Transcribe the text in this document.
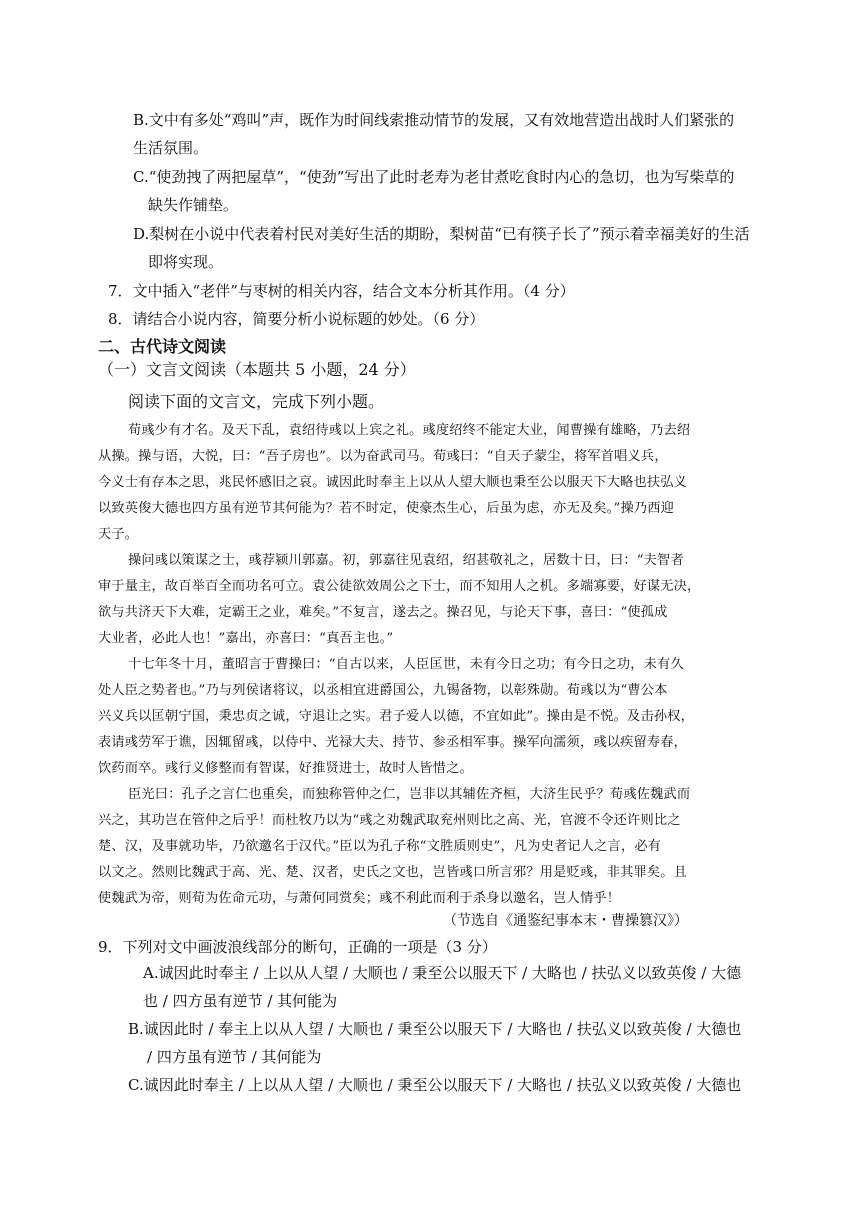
B.文中有多处“鸡叫”声，既作为时间线索推动情节的发展，又有效地营造出战时人们紧张的
生活氛围。
C.“使劲拽了两把屋草”，“使劲”写出了此时老寿为老甘煮吃食时内心的急切，也为写柴草的
缺失作铺垫。
D.梨树在小说中代表着村民对美好生活的期盼，梨树苗“已有筷子长了”预示着幸福美好的生活
即将实现。
7．文中插入“老伴”与枣树的相关内容，结合文本分析其作用。（4 分）
8．请结合小说内容，简要分析小说标题的妙处。（6 分）
二、古代诗文阅读
（一）文言文阅读（本题共 5 小题，24 分）
阅读下面的文言文，完成下列小题。
荀彧少有才名。及天下乱，袁绍待彧以上宾之礼。彧度绍终不能定大业，闻曹操有雄略，乃去绍
从操。操与语，大悦，曰：“吾子房也”。以为奋武司马。荀彧曰：“自天子蒙尘，将军首唱义兵，
今义士有存本之思，兆民怀感旧之哀。诚因此时奉主上以从人望大顺也秉至公以服天下大略也扶弘义
以致英俊大德也四方虽有逆节其何能为？若不时定，使豪杰生心，后虽为虑，亦无及矣。”操乃西迎
天子。
操问彧以策谋之士，彧荐颍川郭嘉。初，郭嘉往见袁绍，绍甚敬礼之，居数十日，曰：“夫智者
审于量主，故百举百全而功名可立。袁公徒欲效周公之下士，而不知用人之机。多端寡要，好谋无决，
欲与共济天下大难，定霸王之业，难矣。”不复言，遂去之。操召见，与论天下事，喜曰：“使孤成
大业者，必此人也！”嘉出，亦喜曰：“真吾主也。”
十七年冬十月，董昭言于曹操曰：“自古以来，人臣匡世，未有今日之功；有今日之功，未有久
处人臣之势者也。”乃与列侯诸将议，以丞相宜进爵国公，九锡备物，以彰殊勋。荀彧以为“曹公本
兴义兵以匡朝宁国，秉忠贞之诚，守退让之实。君子爱人以德，不宜如此”。操由是不悦。及击孙权，
表请彧劳军于谯，因辄留彧，以侍中、光禄大夫、持节、参丞相军事。操军向濡须，彧以疾留寿春，
饮药而卒。彧行义修整而有智谋，好推贤进士，故时人皆惜之。
臣光曰：孔子之言仁也重矣，而独称管仲之仁，岂非以其辅佐齐桓，大济生民乎？荀彧佐魏武而
兴之，其功岂在管仲之后乎！而杜牧乃以为“彧之劝魏武取兖州则比之高、光，官渡不令还许则比之
楚、汉，及事就功毕，乃欲邀名于汉代。”臣以为孔子称“文胜质则史”，凡为史者记人之言，必有
以文之。然则比魏武于高、光、楚、汉者，史氏之文也，岂皆彧口所言邪？用是贬彧，非其罪矣。且
使魏武为帝，则荀为佐命元功，与萧何同赏矣；彧不利此而利于杀身以邀名，岂人情乎！
（节选自《通鉴纪事本末・曹操篡汉》）
9．下列对文中画波浪线部分的断句，正确的一项是（3 分）
A.诚因此时奉主 / 上以从人望 / 大顺也 / 秉至公以服天下 / 大略也 / 扶弘义以致英俊 / 大德
也 / 四方虽有逆节 / 其何能为
B.诚因此时 / 奉主上以从人望 / 大顺也 / 秉至公以服天下 / 大略也 / 扶弘义以致英俊 / 大德也
/ 四方虽有逆节 / 其何能为
C.诚因此时奉主 / 上以从人望 / 大顺也 / 秉至公以服天下 / 大略也 / 扶弘义以致英俊 / 大德也
